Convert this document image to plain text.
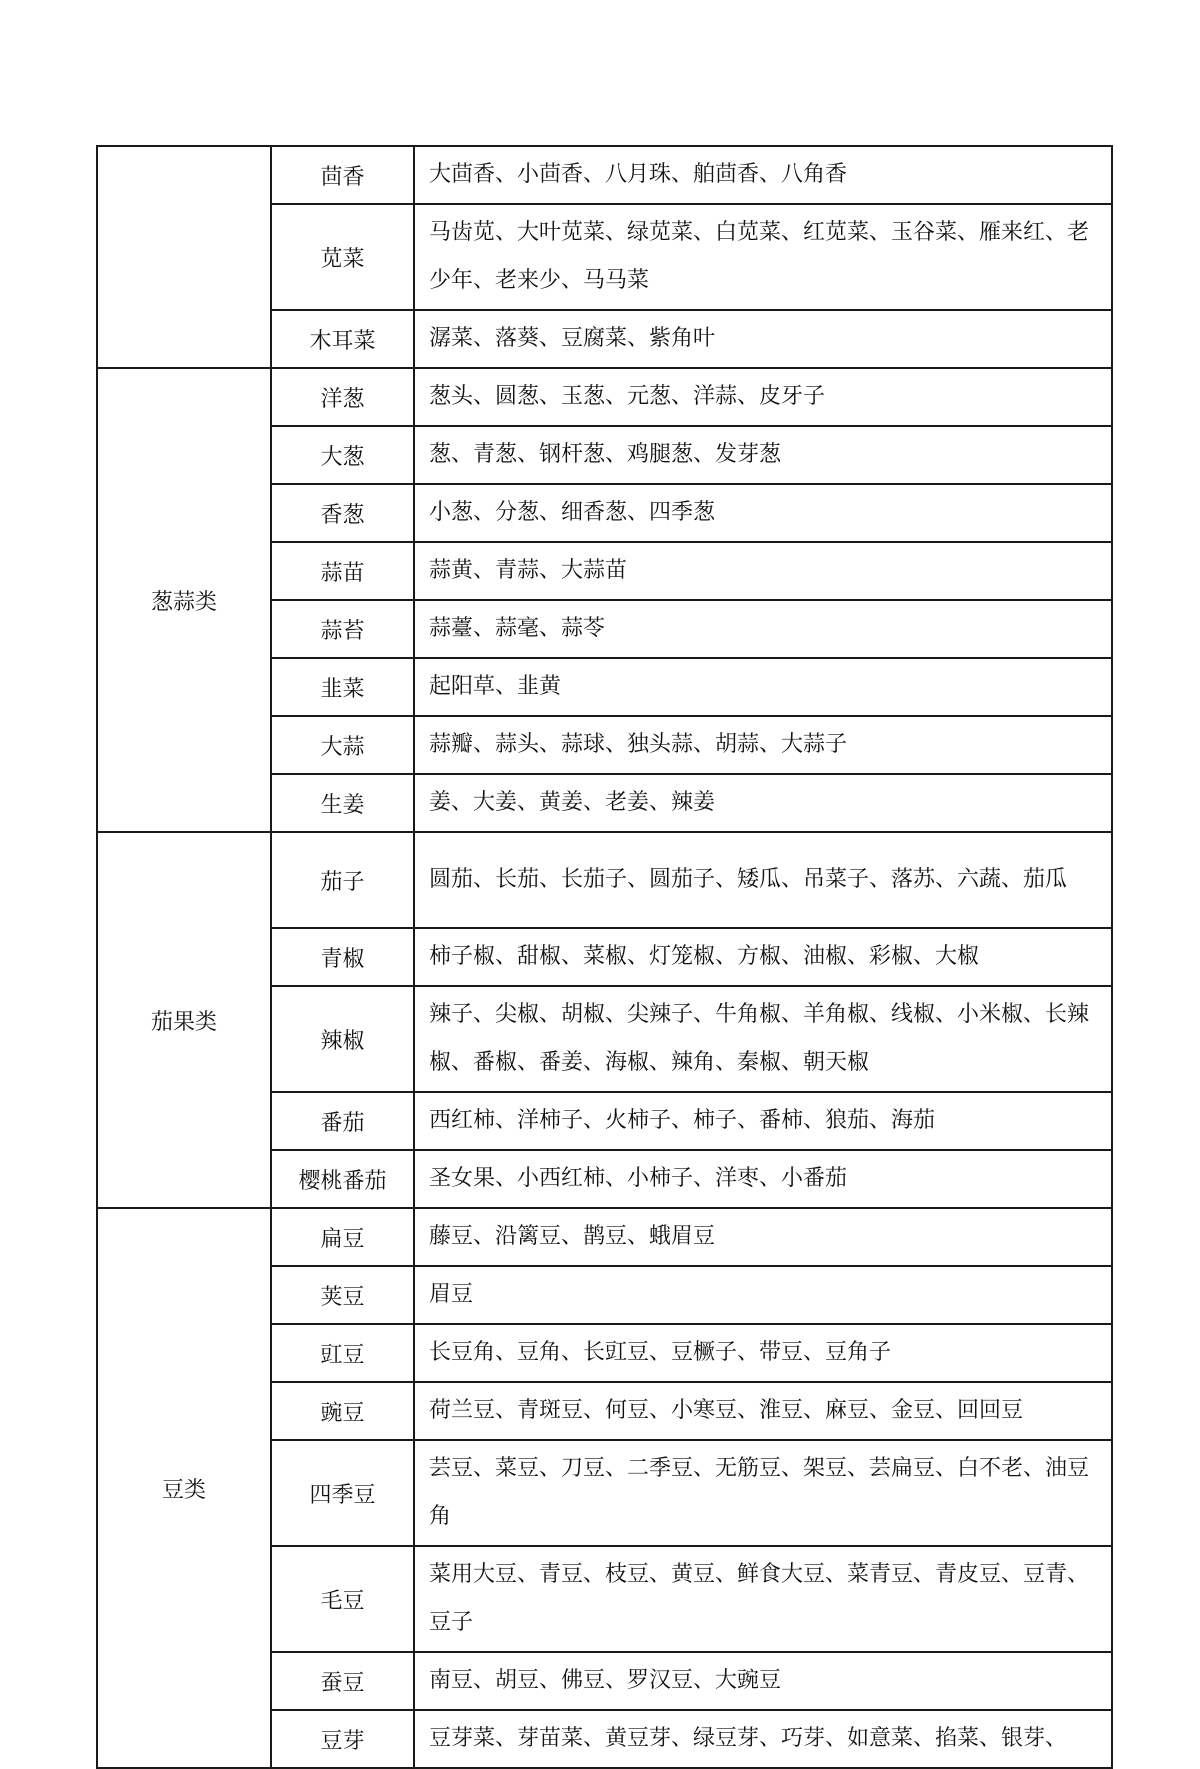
	茴香	大茴香、小茴香、八月珠、舶茴香、八角香
	苋菜	马齿苋、大叶苋菜、绿苋菜、白苋菜、红苋菜、玉谷菜、雁来红、老少年、老来少、马马菜
	木耳菜	潺菜、落葵、豆腐菜、紫角叶
葱蒜类	洋葱	葱头、圆葱、玉葱、元葱、洋蒜、皮牙子
	大葱	葱、青葱、钢杆葱、鸡腿葱、发芽葱
	香葱	小葱、分葱、细香葱、四季葱
	蒜苗	蒜黄、青蒜、大蒜苗
	蒜苔	蒜薹、蒜毫、蒜苓
	韭菜	起阳草、韭黄
	大蒜	蒜瓣、蒜头、蒜球、独头蒜、胡蒜、大蒜子
	生姜	姜、大姜、黄姜、老姜、辣姜
茄果类	茄子	圆茄、长茄、长茄子、圆茄子、矮瓜、吊菜子、落苏、六蔬、茄瓜
	青椒	柿子椒、甜椒、菜椒、灯笼椒、方椒、油椒、彩椒、大椒
	辣椒	辣子、尖椒、胡椒、尖辣子、牛角椒、羊角椒、线椒、小米椒、长辣椒、番椒、番姜、海椒、辣角、秦椒、朝天椒
	番茄	西红柿、洋柿子、火柿子、柿子、番柿、狼茄、海茄
	樱桃番茄	圣女果、小西红柿、小柿子、洋枣、小番茄
豆类	扁豆	藤豆、沿篱豆、鹊豆、蛾眉豆
	荚豆	眉豆
	豇豆	长豆角、豆角、长豇豆、豆橛子、带豆、豆角子
	豌豆	荷兰豆、青斑豆、何豆、小寒豆、淮豆、麻豆、金豆、回回豆
	四季豆	芸豆、菜豆、刀豆、二季豆、无筋豆、架豆、芸扁豆、白不老、油豆角
	毛豆	菜用大豆、青豆、枝豆、黄豆、鲜食大豆、菜青豆、青皮豆、豆青、豆子
	蚕豆	南豆、胡豆、佛豆、罗汉豆、大豌豆
	豆芽	豆芽菜、芽苗菜、黄豆芽、绿豆芽、巧芽、如意菜、掐菜、银芽、
